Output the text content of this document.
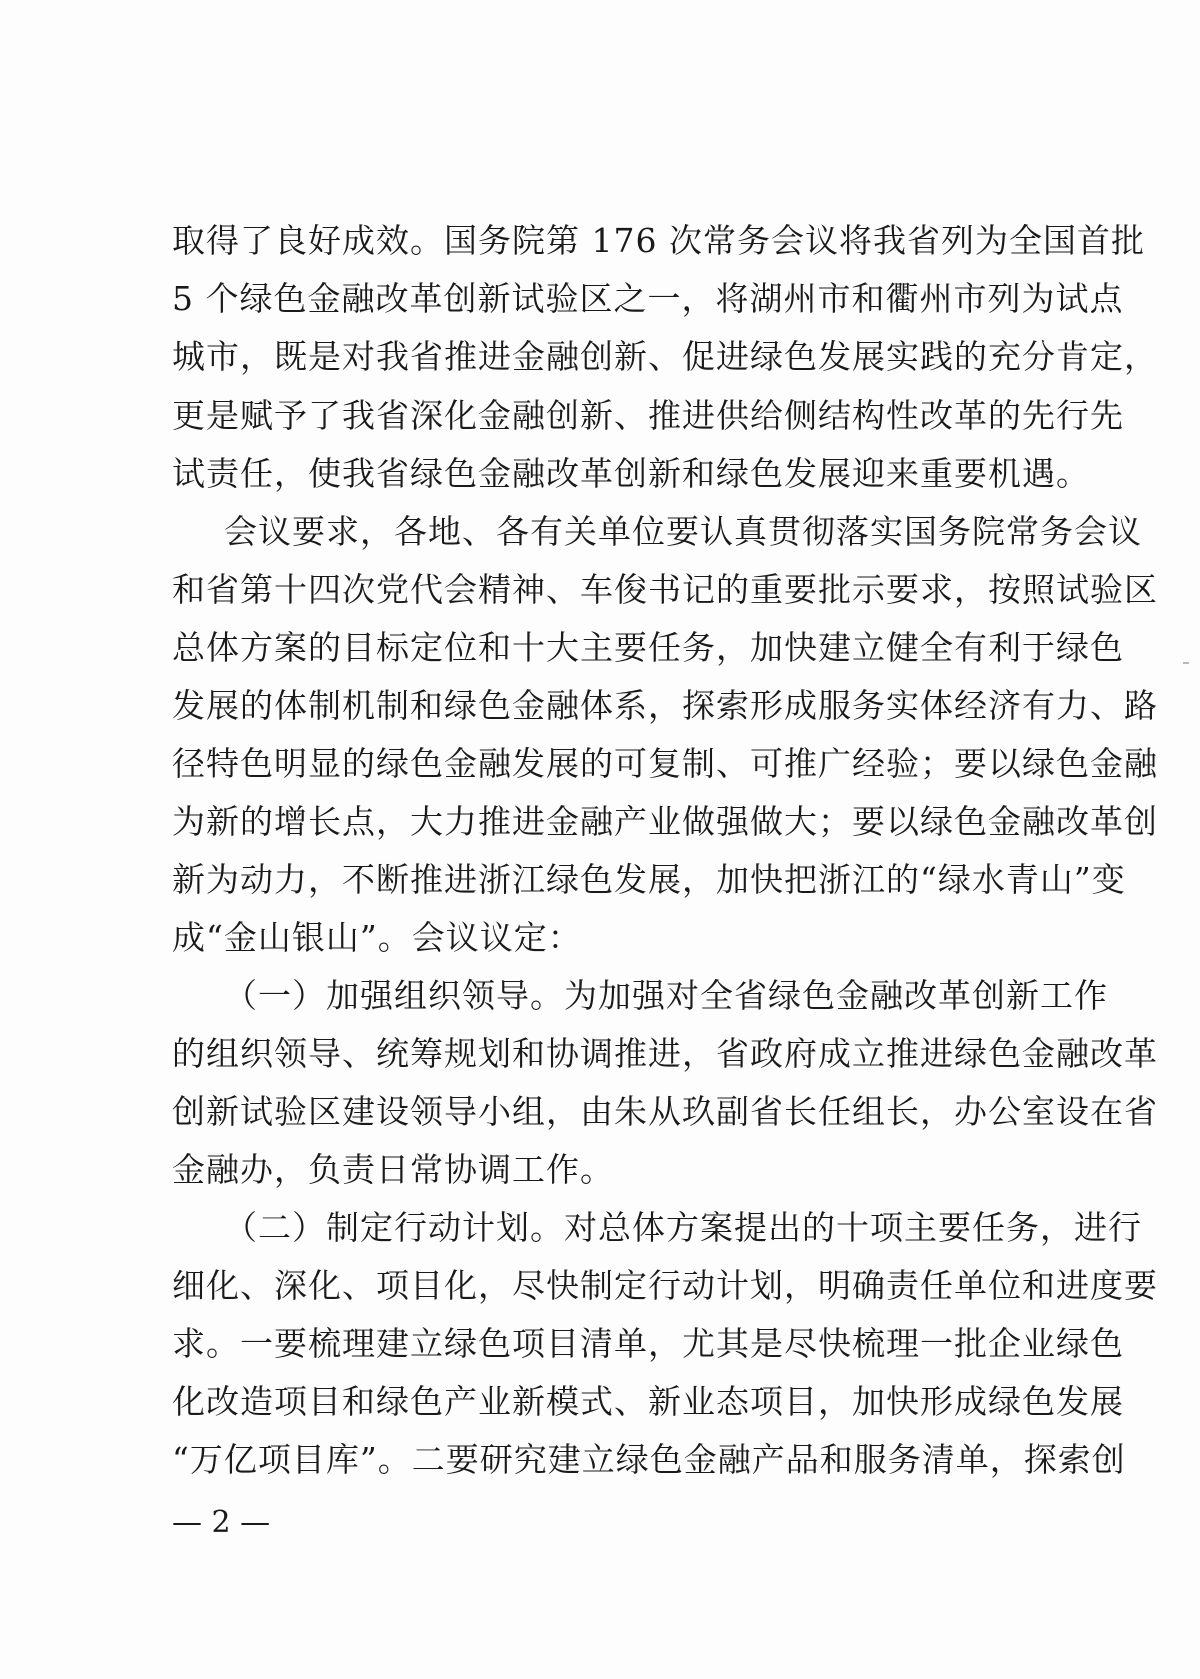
取得了良好成效。国务院第 176 次常务会议将我省列为全国首批
5 个绿色金融改革创新试验区之一，将湖州市和衢州市列为试点
城市，既是对我省推进金融创新、促进绿色发展实践的充分肯定，
更是赋予了我省深化金融创新、推进供给侧结构性改革的先行先
试责任，使我省绿色金融改革创新和绿色发展迎来重要机遇。
会议要求，各地、各有关单位要认真贯彻落实国务院常务会议
和省第十四次党代会精神、车俊书记的重要批示要求，按照试验区
总体方案的目标定位和十大主要任务，加快建立健全有利于绿色
发展的体制机制和绿色金融体系，探索形成服务实体经济有力、路
径特色明显的绿色金融发展的可复制、可推广经验；要以绿色金融
为新的增长点，大力推进金融产业做强做大；要以绿色金融改革创
新为动力，不断推进浙江绿色发展，加快把浙江的“绿水青山”变
成“金山银山”。会议议定：
（一）加强组织领导。为加强对全省绿色金融改革创新工作
的组织领导、统筹规划和协调推进，省政府成立推进绿色金融改革
创新试验区建设领导小组，由朱从玖副省长任组长，办公室设在省
金融办，负责日常协调工作。
（二）制定行动计划。对总体方案提出的十项主要任务，进行
细化、深化、项目化，尽快制定行动计划，明确责任单位和进度要
求。一要梳理建立绿色项目清单，尤其是尽快梳理一批企业绿色
化改造项目和绿色产业新模式、新业态项目，加快形成绿色发展
“万亿项目库”。二要研究建立绿色金融产品和服务清单，探索创
— 2 —
